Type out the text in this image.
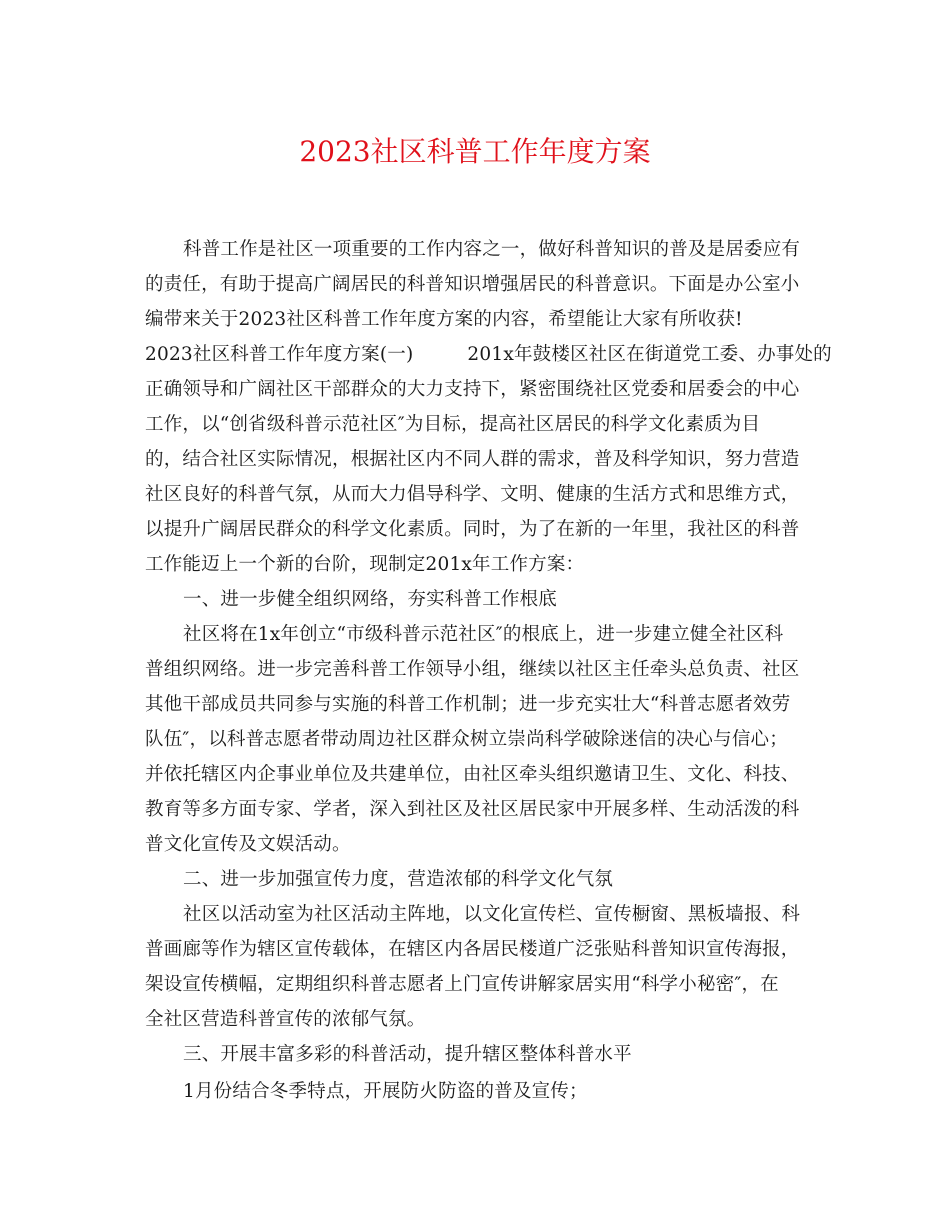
2023社区科普工作年度方案
科普工作是社区一项重要的工作内容之一，做好科普知识的普及是居委应有
的责任，有助于提高广阔居民的科普知识增强居民的科普意识。下面是办公室小
编带来关于2023社区科普工作年度方案的内容，希望能让大家有所收获!
2023社区科普工作年度方案(一)	201x年鼓楼区社区在街道党工委、办事处的
正确领导和广阔社区干部群众的大力支持下，紧密围绕社区党委和居委会的中心
工作，以“创省级科普示范社区″为目标，提高社区居民的科学文化素质为目
的，结合社区实际情况，根据社区内不同人群的需求，普及科学知识，努力营造
社区良好的科普气氛，从而大力倡导科学、文明、健康的生活方式和思维方式，
以提升广阔居民群众的科学文化素质。同时，为了在新的一年里，我社区的科普
工作能迈上一个新的台阶，现制定201x年工作方案：
一、进一步健全组织网络，夯实科普工作根底
社区将在1x年创立“市级科普示范社区″的根底上，进一步建立健全社区科
普组织网络。进一步完善科普工作领导小组，继续以社区主任牵头总负责、社区
其他干部成员共同参与实施的科普工作机制；进一步充实壮大“科普志愿者效劳
队伍″，以科普志愿者带动周边社区群众树立崇尚科学破除迷信的决心与信心；
并依托辖区内企事业单位及共建单位，由社区牵头组织邀请卫生、文化、科技、
教育等多方面专家、学者，深入到社区及社区居民家中开展多样、生动活泼的科
普文化宣传及文娱活动。
二、进一步加强宣传力度，营造浓郁的科学文化气氛
社区以活动室为社区活动主阵地，以文化宣传栏、宣传橱窗、黑板墙报、科
普画廊等作为辖区宣传载体，在辖区内各居民楼道广泛张贴科普知识宣传海报，
架设宣传横幅，定期组织科普志愿者上门宣传讲解家居实用“科学小秘密″，在
全社区营造科普宣传的浓郁气氛。
三、开展丰富多彩的科普活动，提升辖区整体科普水平
1月份结合冬季特点，开展防火防盗的普及宣传；
